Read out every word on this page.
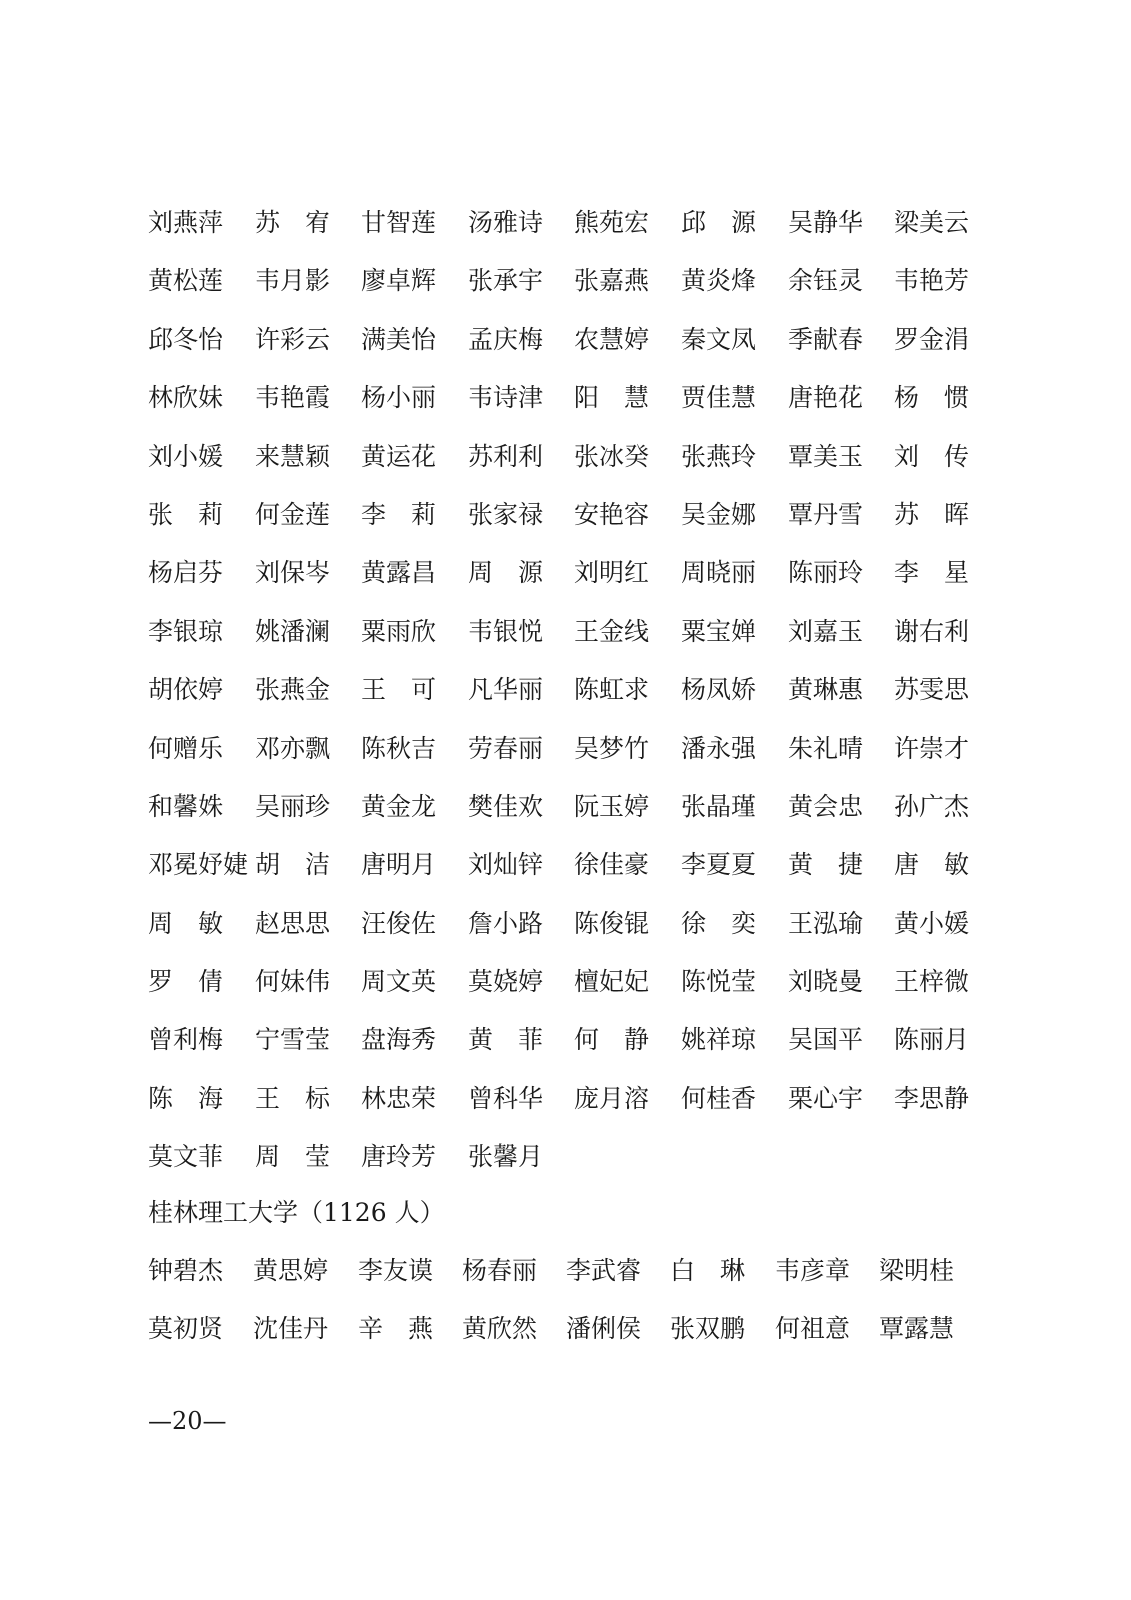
刘燕萍 苏　宥 甘智莲 汤雅诗 熊苑宏 邱　源 吴静华 梁美云
黄松莲 韦月影 廖卓辉 张承宇 张嘉燕 黄炎烽 余钰灵 韦艳芳
邱冬怡 许彩云 满美怡 孟庆梅 农慧婷 秦文凤 季献春 罗金涓
林欣妹 韦艳霞 杨小丽 韦诗津 阳　慧 贾佳慧 唐艳花 杨　惯
刘小媛 来慧颖 黄运花 苏利利 张冰癸 张燕玲 覃美玉 刘　传
张　莉 何金莲 李　莉 张家禄 安艳容 吴金娜 覃丹雪 苏　晖
杨启芬 刘保岑 黄露昌 周　源 刘明红 周晓丽 陈丽玲 李　星
李银琼 姚潘澜 粟雨欣 韦银悦 王金线 粟宝婵 刘嘉玉 谢右利
胡依婷 张燕金 王　可 凡华丽 陈虹求 杨凤娇 黄琳惠 苏雯思
何赠乐 邓亦飘 陈秋吉 劳春丽 吴梦竹 潘永强 朱礼晴 许崇才
和馨姝 吴丽珍 黄金龙 樊佳欢 阮玉婷 张晶瑾 黄会忠 孙广杰
邓冕妤婕 胡　洁 唐明月 刘灿锌 徐佳豪 李夏夏 黄　捷 唐　敏
周　敏 赵思思 汪俊佐 詹小路 陈俊锟 徐　奕 王泓瑜 黄小媛
罗　倩 何妹伟 周文英 莫娆婷 檀妃妃 陈悦莹 刘晓曼 王梓微
曾利梅 宁雪莹 盘海秀 黄　菲 何　静 姚祥琼 吴国平 陈丽月
陈　海 王　标 林忠荣 曾科华 庞月溶 何桂香 栗心宇 李思静
莫文菲 周　莹 唐玲芳 张馨月
桂林理工大学（1126 人）
钟碧杰 黄思婷 李友谟 杨春丽 李武睿 白　琳 韦彦章 梁明桂
莫初贤 沈佳丹 辛　燕 黄欣然 潘俐侯 张双鹏 何祖意 覃露慧
—20—
